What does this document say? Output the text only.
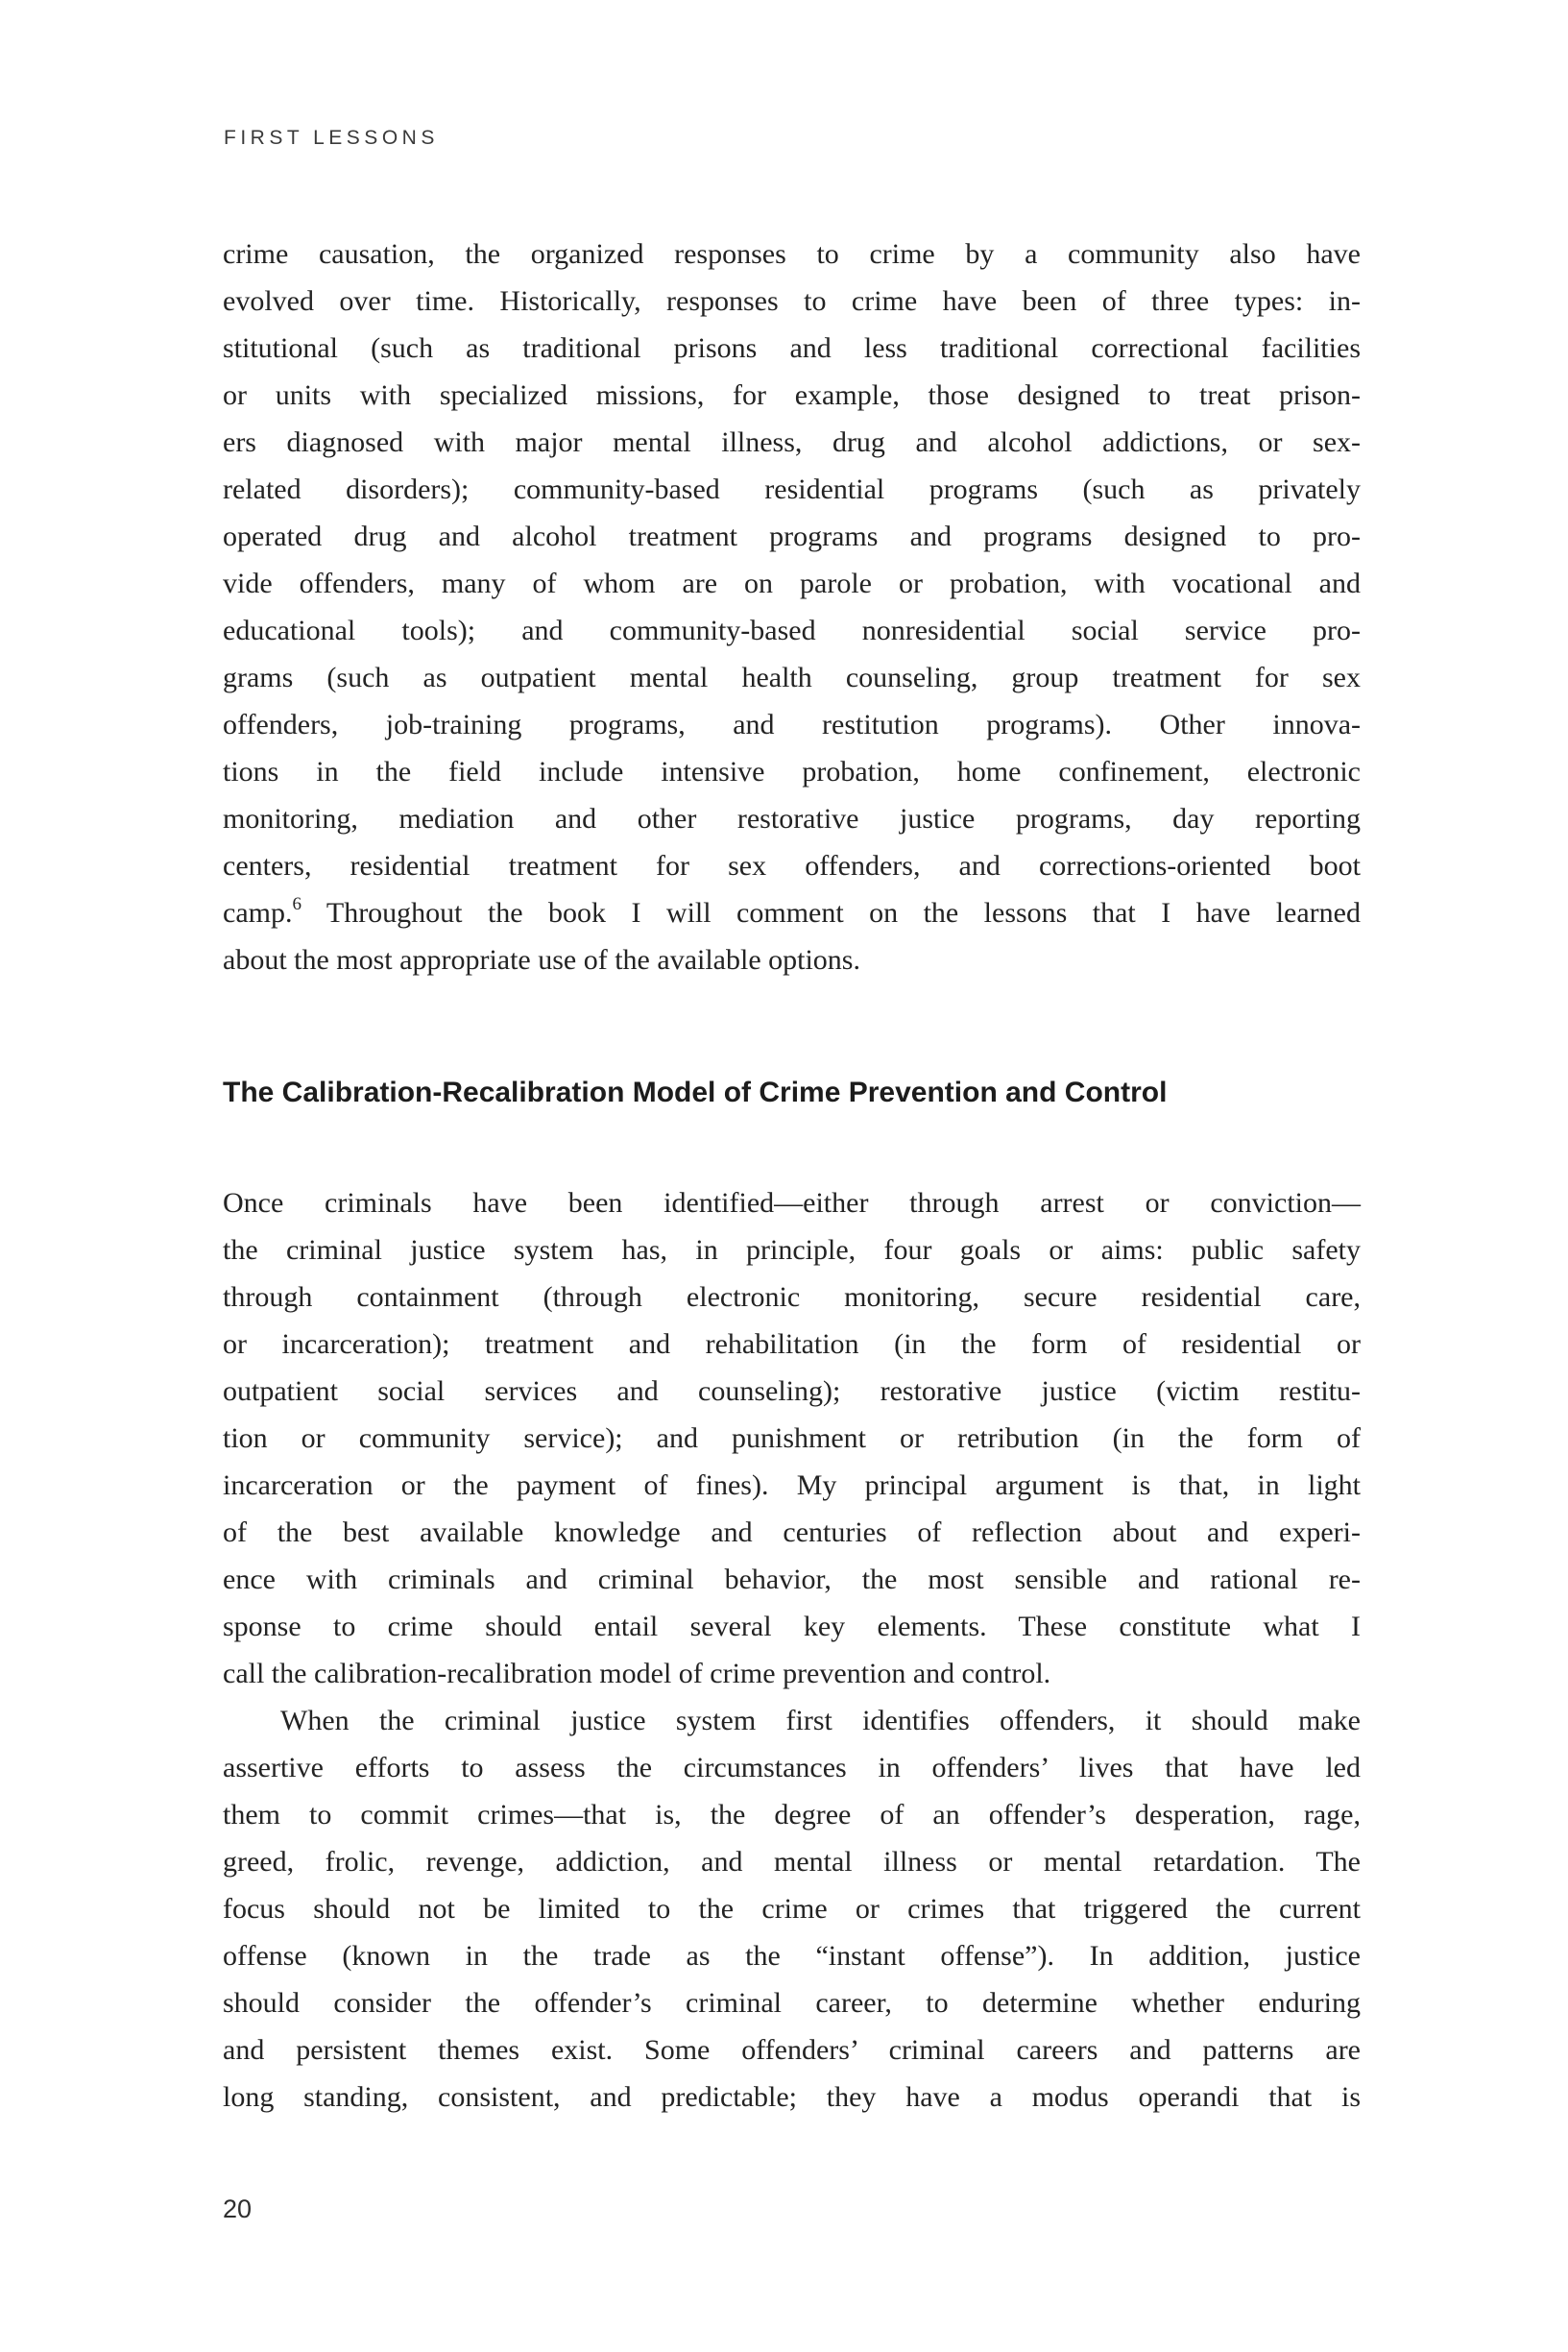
FIRST LESSONS
crime causation, the organized responses to crime by a community also have
evolved over time. Historically, responses to crime have been of three types: in-
stitutional (such as traditional prisons and less traditional correctional facilities
or units with specialized missions, for example, those designed to treat prison-
ers diagnosed with major mental illness, drug and alcohol addictions, or sex-
related disorders); community-based residential programs (such as privately
operated drug and alcohol treatment programs and programs designed to pro-
vide offenders, many of whom are on parole or probation, with vocational and
educational tools); and community-based nonresidential social service pro-
grams (such as outpatient mental health counseling, group treatment for sex
offenders, job-training programs, and restitution programs). Other innova-
tions in the field include intensive probation, home confinement, electronic
monitoring, mediation and other restorative justice programs, day reporting
centers, residential treatment for sex offenders, and corrections-oriented boot
camp.$^6$ Throughout the book I will comment on the lessons that I have learned
about the most appropriate use of the available options.
The Calibration-Recalibration Model of Crime Prevention and Control
Once criminals have been identified—either through arrest or conviction—
the criminal justice system has, in principle, four goals or aims: public safety
through containment (through electronic monitoring, secure residential care,
or incarceration); treatment and rehabilitation (in the form of residential or
outpatient social services and counseling); restorative justice (victim restitu-
tion or community service); and punishment or retribution (in the form of
incarceration or the payment of fines). My principal argument is that, in light
of the best available knowledge and centuries of reflection about and experi-
ence with criminals and criminal behavior, the most sensible and rational re-
sponse to crime should entail several key elements. These constitute what I
call the calibration-recalibration model of crime prevention and control.
When the criminal justice system first identifies offenders, it should make
assertive efforts to assess the circumstances in offenders’ lives that have led
them to commit crimes—that is, the degree of an offender’s desperation, rage,
greed, frolic, revenge, addiction, and mental illness or mental retardation. The
focus should not be limited to the crime or crimes that triggered the current
offense (known in the trade as the “instant offense”). In addition, justice
should consider the offender’s criminal career, to determine whether enduring
and persistent themes exist. Some offenders’ criminal careers and patterns are
long standing, consistent, and predictable; they have a modus operandi that is
20
